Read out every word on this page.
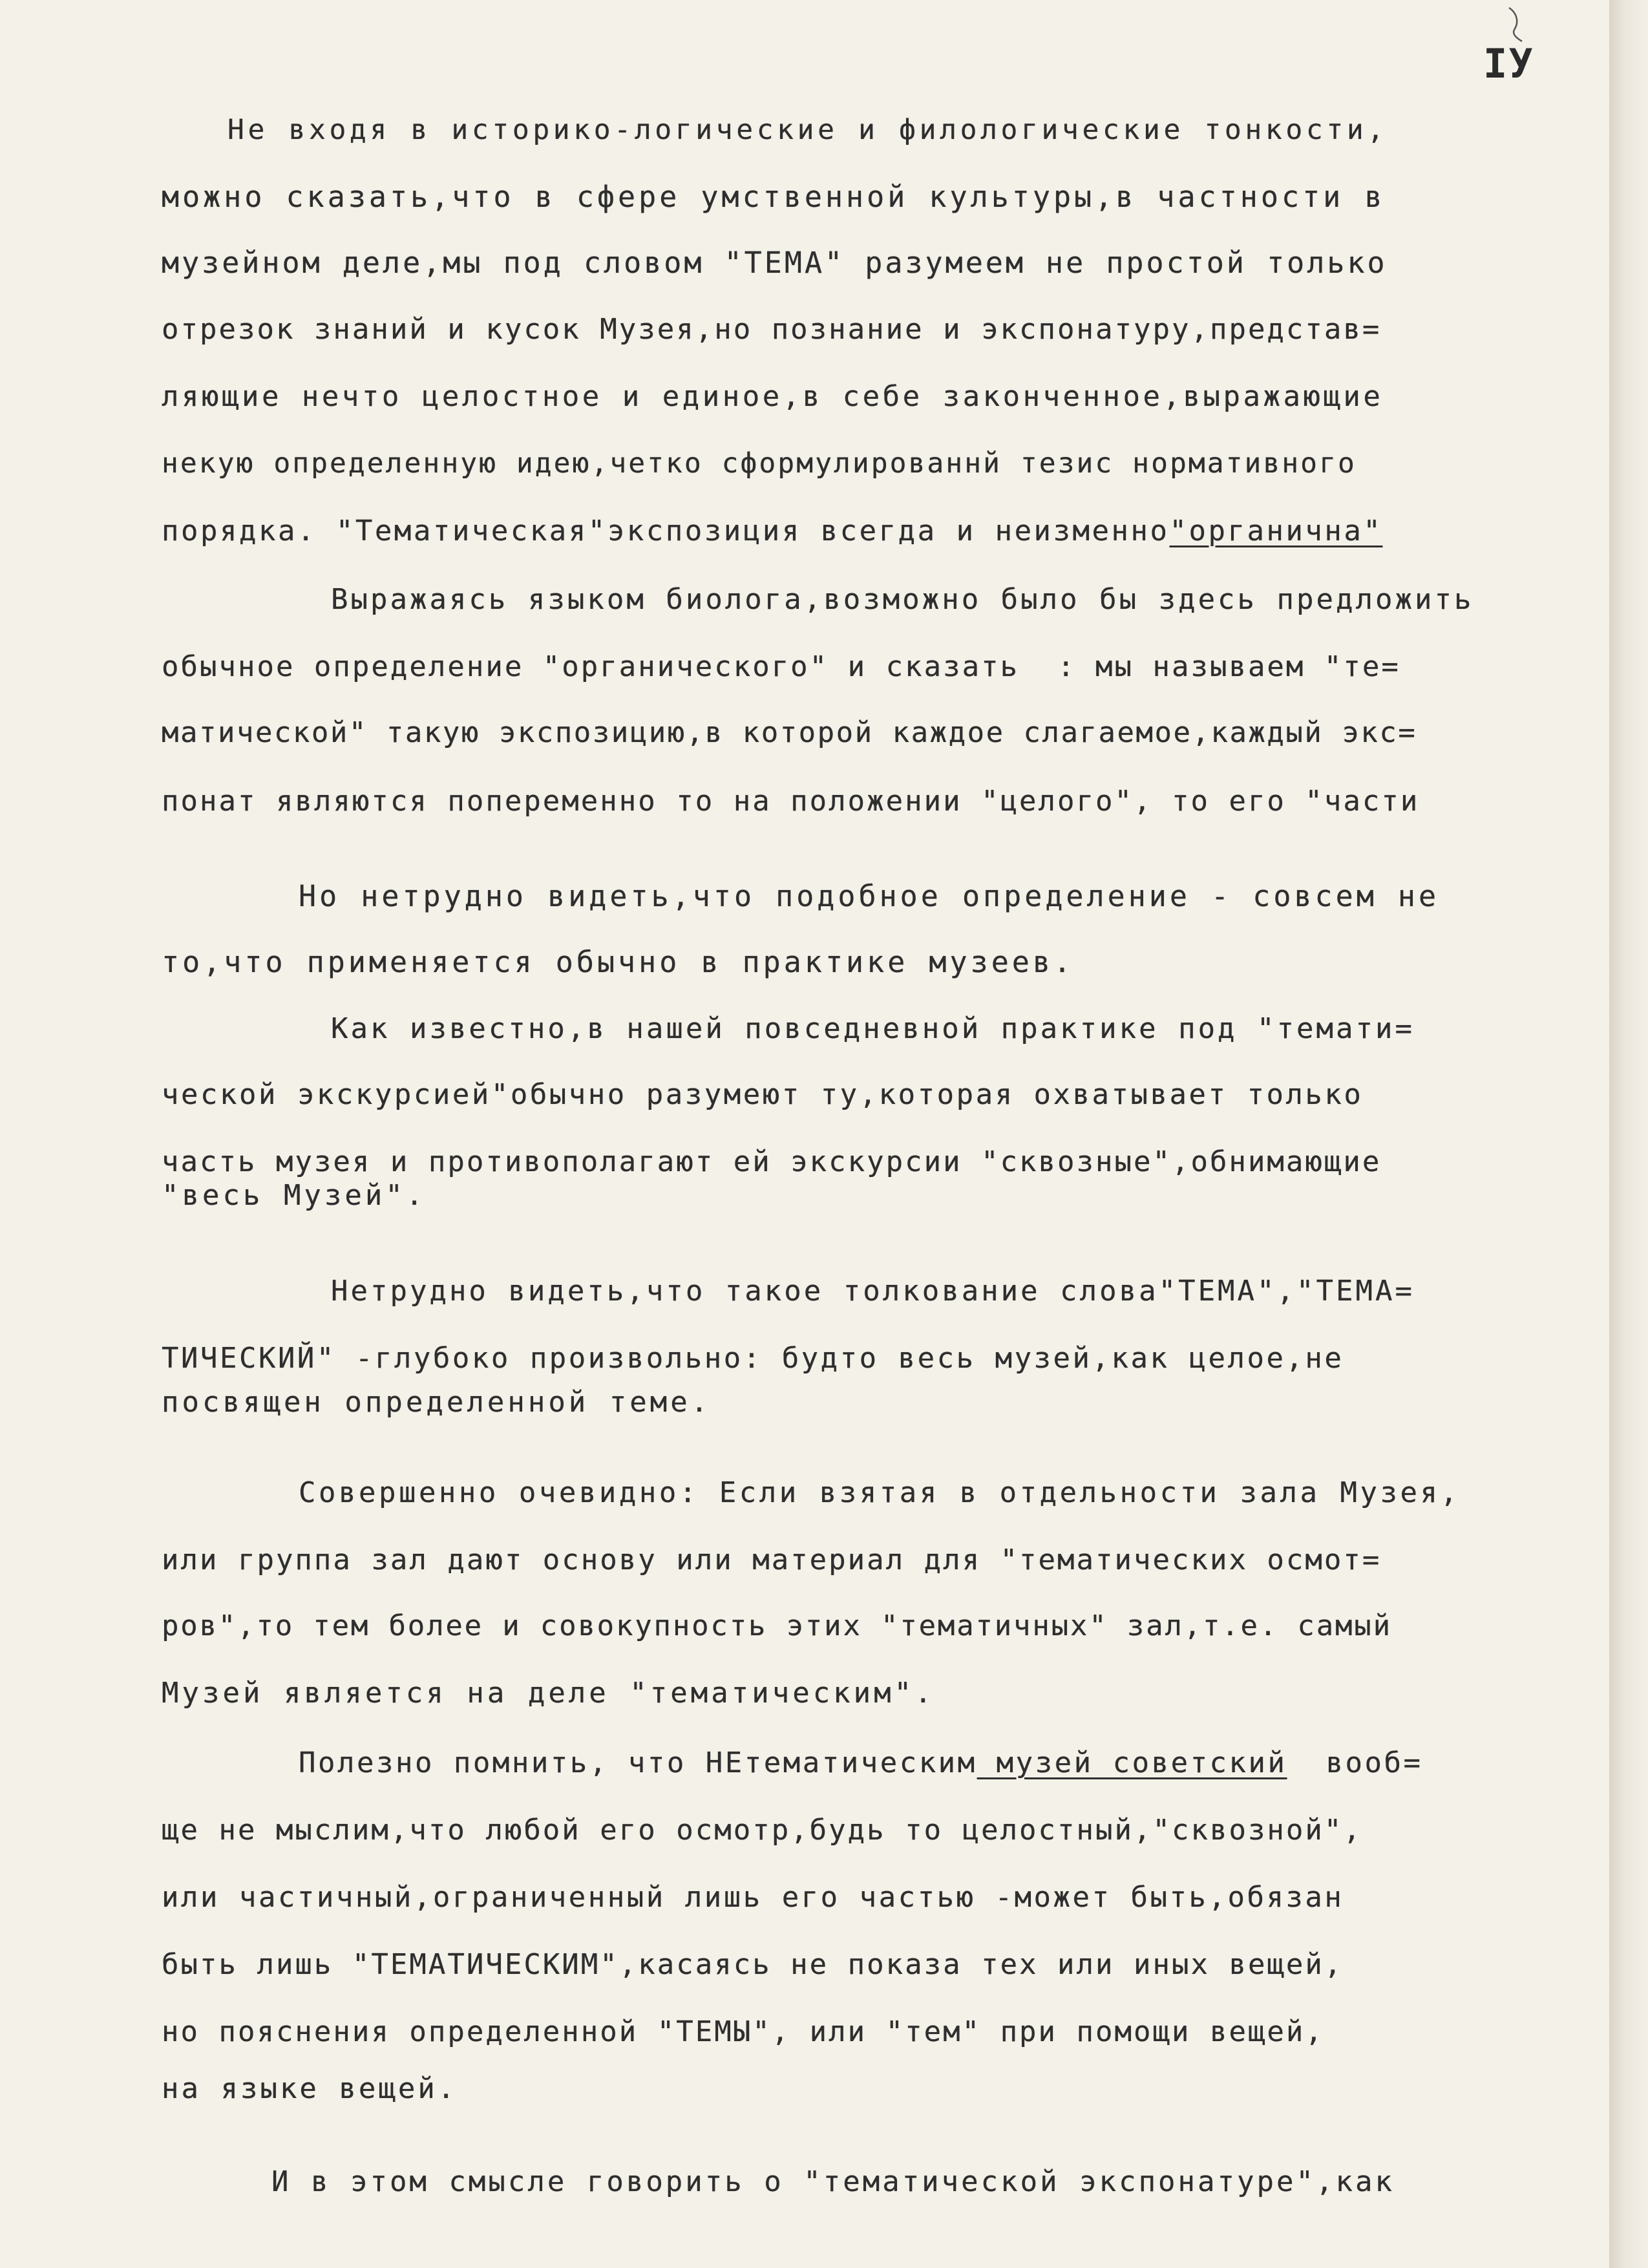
IУ
Не входя в историко-логические и филологические тонкости,
можно сказать,что в сфере умственной культуры,в частности в
музейном деле,мы под словом "ТЕМА" разумеем не простой только
отрезок знаний и кусок Музея,но познание и экспонатуру,представ=
ляющие нечто целостное и единое,в себе законченное,выражающие
некую определенную идею,четко сформулированнй тезис нормативного
порядка. "Тематическая"экспозиция всегда и неизменно"органична"
Выражаясь языком биолога,возможно было бы здесь предложить
обычное определение "органического" и сказать  : мы называем "те=
матической" такую экспозицию,в которой каждое слагаемое,каждый экс=
понат являются попеременно то на положении "целого", то его "части
Но нетрудно видеть,что подобное определение - совсем не
то,что применяется обычно в практике музеев.
Как известно,в нашей повседневной практике под "темати=
ческой экскурсией"обычно разумеют ту,которая охватывает только
часть музея и противополагают ей экскурсии "сквозные",обнимающие
"весь Музей".
Нетрудно видеть,что такое толкование слова"ТЕМА","ТЕМА=
ТИЧЕСКИЙ" -глубоко произвольно: будто весь музей,как целое,не
посвящен определенной теме.
Совершенно очевидно: Если взятая в отдельности зала Музея,
или группа зал дают основу или материал для "тематических осмот=
ров",то тем более и совокупность этих "тематичных" зал,т.е. самый
Музей является на деле "тематическим".
Полезно помнить, что НЕтематическим музей советский вооб=
ще не мыслим,что любой его осмотр,будь то целостный,"сквозной",
или частичный,ограниченный лишь его частью -может быть,обязан
быть лишь "ТЕМАТИЧЕСКИМ",касаясь не показа тех или иных вещей,
но пояснения определенной "ТЕМЫ", или "тем" при помощи вещей,
на языке вещей.
И в этом смысле говорить о "тематической экспонатуре",как
